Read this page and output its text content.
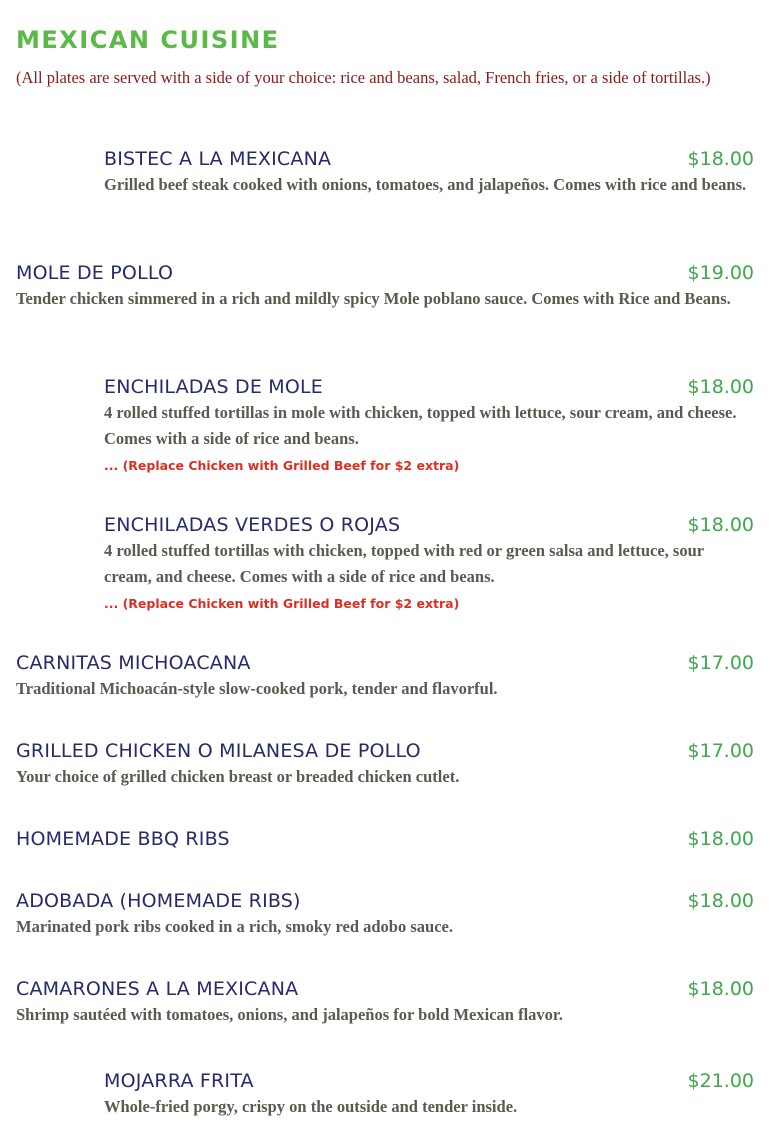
MEXICAN CUISINE
(All plates are served with a side of your choice: rice and beans, salad, French fries, or a side of tortillas.)
BISTEC A LA MEXICANA	$18.00
Grilled beef steak cooked with onions, tomatoes, and jalapeños. Comes with rice and beans.
MOLE DE POLLO	$19.00
Tender chicken simmered in a rich and mildly spicy Mole poblano sauce. Comes with Rice and Beans.
ENCHILADAS DE MOLE	$18.00
4 rolled stuffed tortillas in mole with chicken, topped with lettuce, sour cream, and cheese. Comes with a side of rice and beans.
... (Replace Chicken with Grilled Beef for $2 extra)
ENCHILADAS VERDES O ROJAS	$18.00
4 rolled stuffed tortillas with chicken, topped with red or green salsa and lettuce, sour cream, and cheese. Comes with a side of rice and beans.
... (Replace Chicken with Grilled Beef for $2 extra)
CARNITAS MICHOACANA	$17.00
Traditional Michoacán-style slow-cooked pork, tender and flavorful.
GRILLED CHICKEN O MILANESA DE POLLO	$17.00
Your choice of grilled chicken breast or breaded chicken cutlet.
HOMEMADE BBQ RIBS	$18.00
ADOBADA (HOMEMADE RIBS)	$18.00
Marinated pork ribs cooked in a rich, smoky red adobo sauce.
CAMARONES A LA MEXICANA	$18.00
Shrimp sautéed with tomatoes, onions, and jalapeños for bold Mexican flavor.
MOJARRA FRITA	$21.00
Whole-fried porgy, crispy on the outside and tender inside.
